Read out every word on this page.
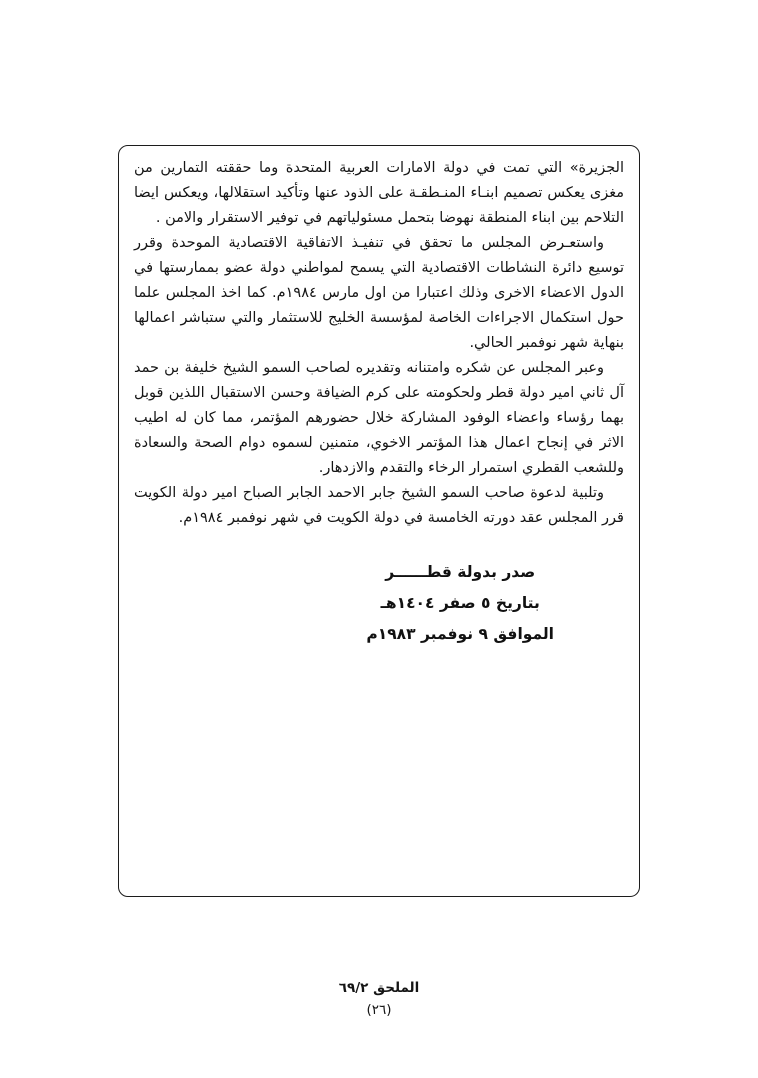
الجزيرة» التي تمت في دولة الامارات العربية المتحدة وما حققته التمارين من مغزى يعكس تصميم ابنـاء المنـطقـة على الذود عنها وتأكيد استقلالها، ويعكس ايضا التلاحم بين ابناء المنطقة نهوضا بتحمل مسئولياتهم في توفير الاستقرار والامن .

واستعـرض المجلس ما تحقق في تنفيـذ الاتفاقية الاقتصادية الموحدة وقرر توسيع دائرة النشاطات الاقتصادية التي يسمح لمواطني دولة عضو بممارستها في الدول الاعضاء الاخرى وذلك اعتبارا من اول مارس ١٩٨٤م. كما اخذ المجلس علما حول استكمال الاجراءات الخاصة لمؤسسة الخليج للاستثمار والتي ستباشر اعمالها بنهاية شهر نوفمبر الحالي.

وعبر المجلس عن شكره وامتنانه وتقديره لصاحب السمو الشيخ خليفة بن حمد آل ثاني امير دولة قطر ولحكومته على كرم الضيافة وحسن الاستقبال اللذين قوبل بهما رؤساء واعضاء الوفود المشاركة خلال حضورهم المؤتمر، مما كان له اطيب الاثر في إنجاح اعمال هذا المؤتمر الاخوي، متمنين لسموه دوام الصحة والسعادة وللشعب القطري استمرار الرخاء والتقدم والازدهار.

وتلبية لدعوة صاحب السمو الشيخ جابر الاحمد الجابر الصباح امير دولة الكويت قرر المجلس عقد دورته الخامسة في دولة الكويت في شهر نوفمبر ١٩٨٤م.

صدر بدولة قطــــــر
بتاريخ ٥ صفر ١٤٠٤هـ
الموافق ٩ نوفمبر ١٩٨٣م
الملحق ٦٩/٢
(٢٦)
